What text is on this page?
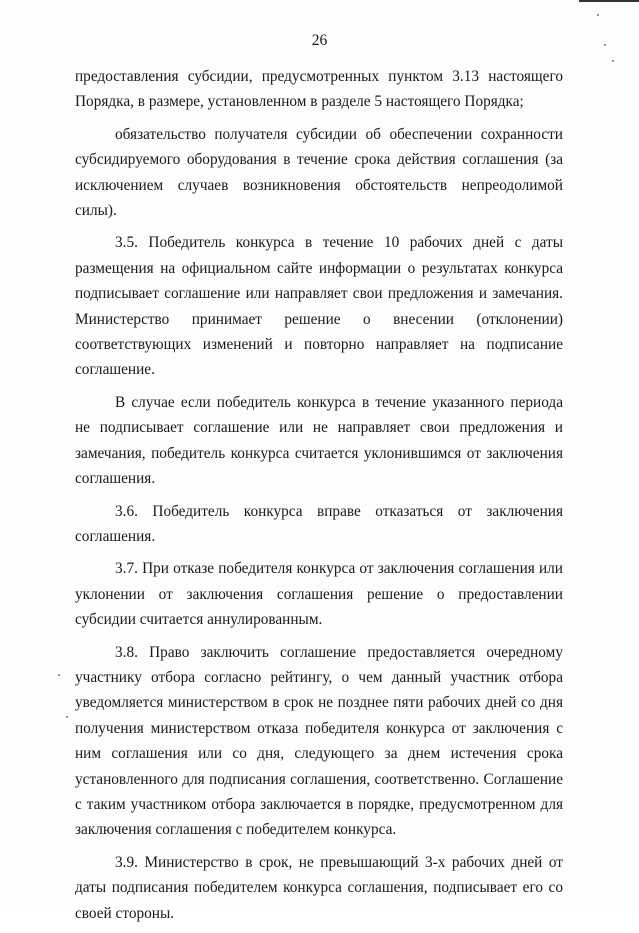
26

предоставления субсидии, предусмотренных пунктом 3.13 настоящего Порядка, в размере, установленном в разделе 5 настоящего Порядка;

обязательство получателя субсидии об обеспечении сохранности субсидируемого оборудования в течение срока действия соглашения (за исключением случаев возникновения обстоятельств непреодолимой силы).

3.5. Победитель конкурса в течение 10 рабочих дней с даты размещения на официальном сайте информации о результатах конкурса подписывает соглашение или направляет свои предложения и замечания. Министерство принимает решение о внесении (отклонении) соответствующих изменений и повторно направляет на подписание соглашение.

В случае если победитель конкурса в течение указанного периода не подписывает соглашение или не направляет свои предложения и замечания, победитель конкурса считается уклонившимся от заключения соглашения.

3.6. Победитель конкурса вправе отказаться от заключения соглашения.

3.7. При отказе победителя конкурса от заключения соглашения или уклонении от заключения соглашения решение о предоставлении субсидии считается аннулированным.

3.8. Право заключить соглашение предоставляется очередному участнику отбора согласно рейтингу, о чем данный участник отбора уведомляется министерством в срок не позднее пяти рабочих дней со дня получения министерством отказа победителя конкурса от заключения с ним соглашения или со дня, следующего за днем истечения срока установленного для подписания соглашения, соответственно. Соглашение с таким участником отбора заключается в порядке, предусмотренном для заключения соглашения с победителем конкурса.

3.9. Министерство в срок, не превышающий 3-х рабочих дней от даты подписания победителем конкурса соглашения, подписывает его со своей стороны.
